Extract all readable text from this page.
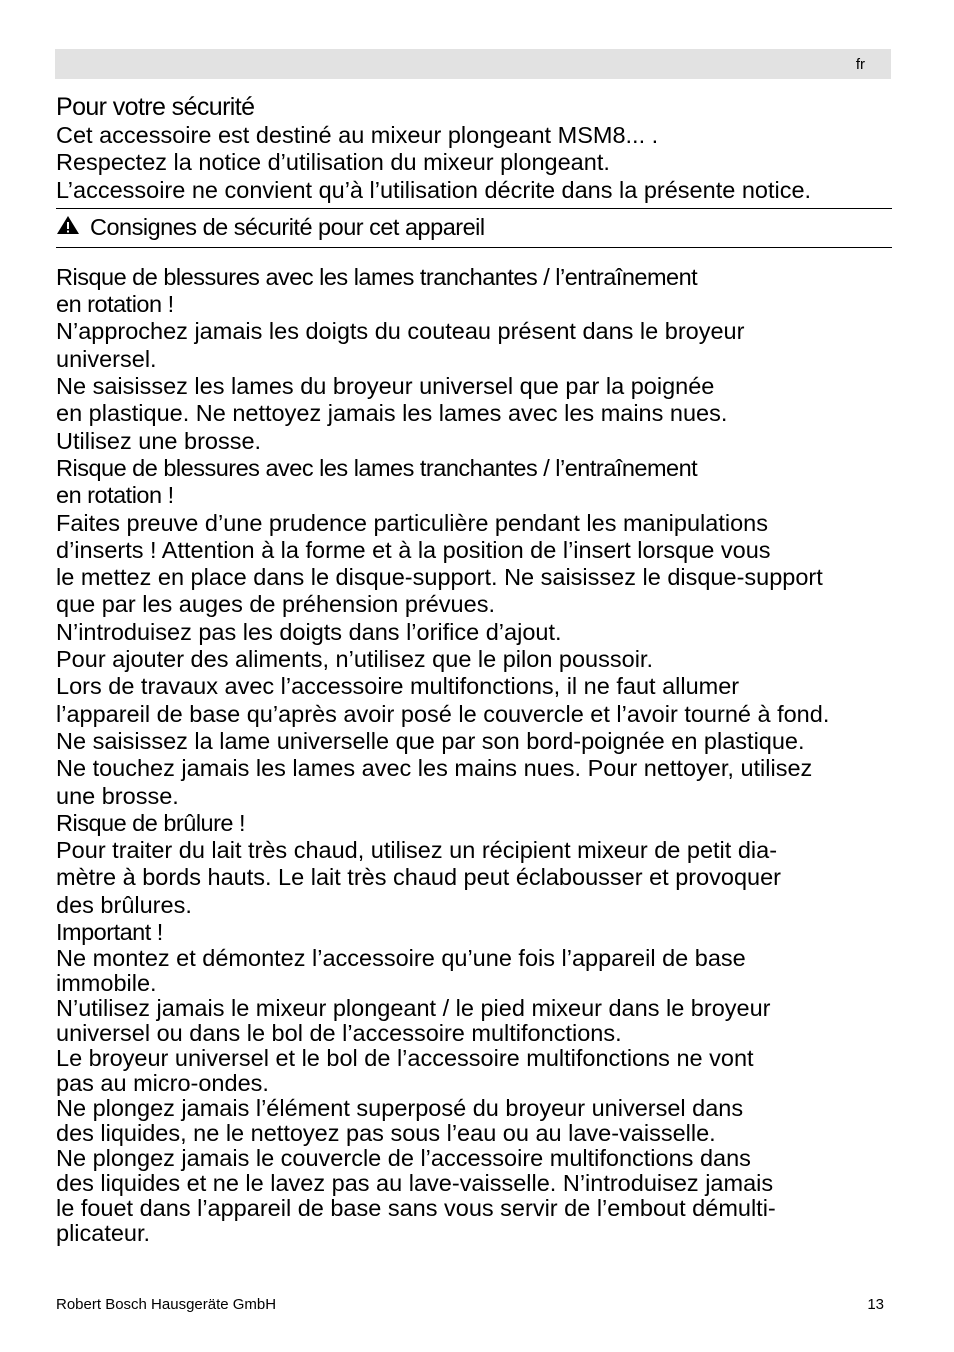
fr

Pour votre sécurité

Cet accessoire est destiné au mixeur plongeant MSM8... .

Respectez la notice d’utilisation du mixeur plongeant.

L’accessoire ne convient qu’à l’utilisation décrite dans la présente notice.

Consignes de sécurité pour cet appareil

Risque de blessures avec les lames tranchantes / l’entraînement

en rotation !

N’approchez jamais les doigts du couteau présent dans le broyeur

universel.

Ne saisissez les lames du broyeur universel que par la poignée

en plastique. Ne nettoyez jamais les lames avec les mains nues.

Utilisez une brosse.

Risque de blessures avec les lames tranchantes / l’entraînement

en rotation !

Faites preuve d’une prudence particulière pendant les manipulations

d’inserts ! Attention à la forme et à la position de l’insert lorsque vous

le mettez en place dans le disque-support. Ne saisissez le disque-support

que par les auges de préhension prévues.

N’introduisez pas les doigts dans l’orifice d’ajout.

Pour ajouter des aliments, n’utilisez que le pilon poussoir.

Lors de travaux avec l’accessoire multifonctions, il ne faut allumer

l’appareil de base qu’après avoir posé le couvercle et l’avoir tourné à fond.

Ne saisissez la lame universelle que par son bord-poignée en plastique.

Ne touchez jamais les lames avec les mains nues. Pour nettoyer, utilisez

une brosse.

Risque de brûlure !

Pour traiter du lait très chaud, utilisez un récipient mixeur de petit dia-

mètre à bords hauts. Le lait très chaud peut éclabousser et provoquer

des brûlures.

Important !

Ne montez et démontez l’accessoire qu’une fois l’appareil de base

immobile.

N’utilisez jamais le mixeur plongeant / le pied mixeur dans le broyeur

universel ou dans le bol de l’accessoire multifonctions.

Le broyeur universel et le bol de l’accessoire multifonctions ne vont

pas au micro-ondes.

Ne plongez jamais l’élément superposé du broyeur universel dans

des liquides, ne le nettoyez pas sous l’eau ou au lave-vaisselle.

Ne plongez jamais le couvercle de l’accessoire multifonctions dans

des liquides et ne le lavez pas au lave-vaisselle. N’introduisez jamais

le fouet dans l’appareil de base sans vous servir de l’embout démulti-

plicateur.

Robert Bosch Hausgeräte GmbH	13
